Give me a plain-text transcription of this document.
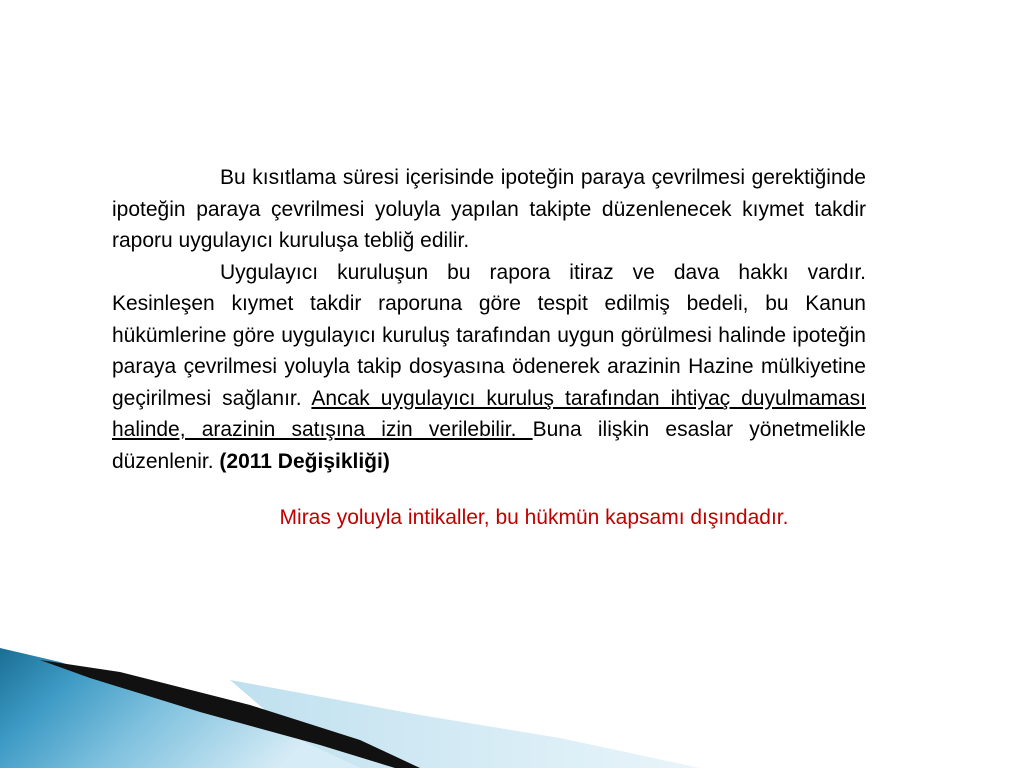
Bu kısıtlama süresi içerisinde ipoteğin paraya çevrilmesi gerektiğinde ipoteğin paraya çevrilmesi yoluyla yapılan takipte düzenlenecek kıymet takdir raporu uygulayıcı kuruluşa tebliğ edilir.

Uygulayıcı kuruluşun bu rapora itiraz ve dava hakkı vardır. Kesinleşen kıymet takdir raporuna göre tespit edilmiş bedeli, bu Kanun hükümlerine göre uygulayıcı kuruluş tarafından uygun görülmesi halinde ipoteğin paraya çevrilmesi yoluyla takip dosyasına ödenerek arazinin Hazine mülkiyetine geçirilmesi sağlanır. Ancak uygulayıcı kuruluş tarafından ihtiyaç duyulmaması halinde, arazinin satışına izin verilebilir. Buna ilişkin esaslar yönetmelikle düzenlenir. (2011 Değişikliği)

Miras yoluyla intikaller, bu hükmün kapsamı dışındadır.
